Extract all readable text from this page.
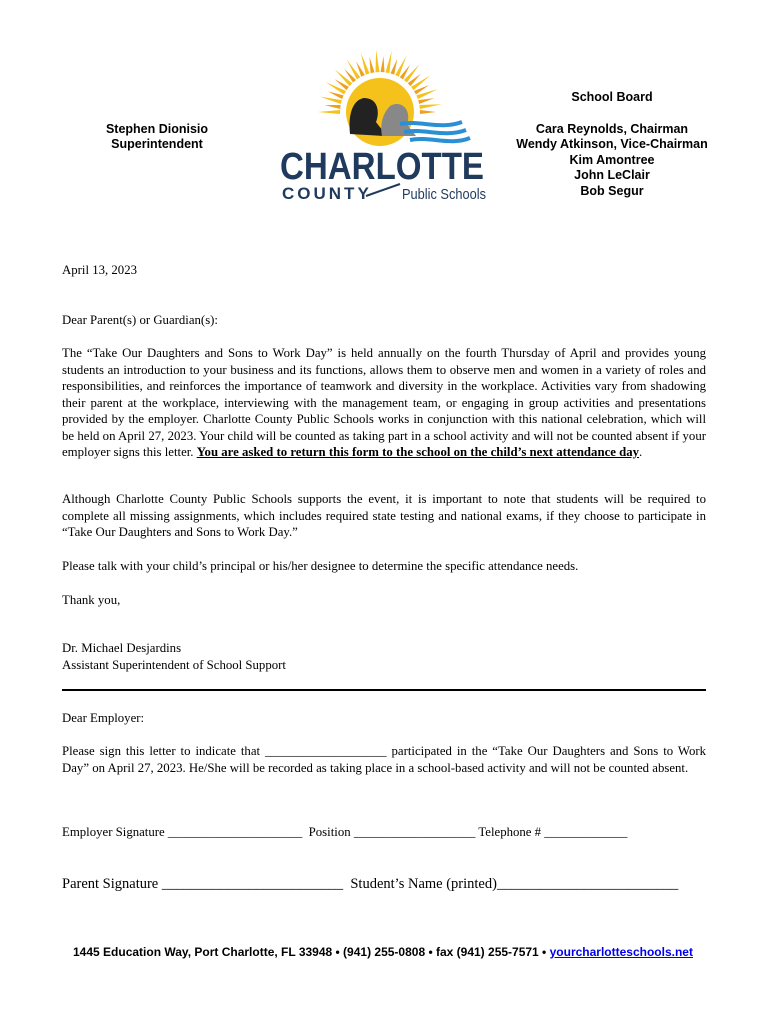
Stephen Dionisio
Superintendent
CHARLOTTE
COUNTY Public Schools
School Board
Cara Reynolds, Chairman
Wendy Atkinson, Vice-Chairman
Kim Amontree
John LeClair
Bob Segur
April 13, 2023
Dear Parent(s) or Guardian(s):
The “Take Our Daughters and Sons to Work Day” is held annually on the fourth Thursday of April and provides young students an introduction to your business and its functions, allows them to observe men and women in a variety of roles and responsibilities, and reinforces the importance of teamwork and diversity in the workplace. Activities vary from shadowing their parent at the workplace, interviewing with the management team, or engaging in group activities and presentations provided by the employer. Charlotte County Public Schools works in conjunction with this national celebration, which will be held on April 27, 2023. Your child will be counted as taking part in a school activity and will not be counted absent if your employer signs this letter. You are asked to return this form to the school on the child’s next attendance day.
Although Charlotte County Public Schools supports the event, it is important to note that students will be required to complete all missing assignments, which includes required state testing and national exams, if they choose to participate in “Take Our Daughters and Sons to Work Day.”
Please talk with your child’s principal or his/her designee to determine the specific attendance needs.
Thank you,
Dr. Michael Desjardins
Assistant Superintendent of School Support
Dear Employer:
Please sign this letter to indicate that ___________________ participated in the “Take Our Daughters and Sons to Work Day” on April 27, 2023. He/She will be recorded as taking place in a school-based activity and will not be counted absent.
Employer Signature _____________________  Position ___________________ Telephone # _____________
Parent Signature _________________________  Student’s Name (printed)_________________________
1445 Education Way, Port Charlotte, FL 33948 • (941) 255-0808 • fax (941) 255-7571 • yourcharlotteschools.net
